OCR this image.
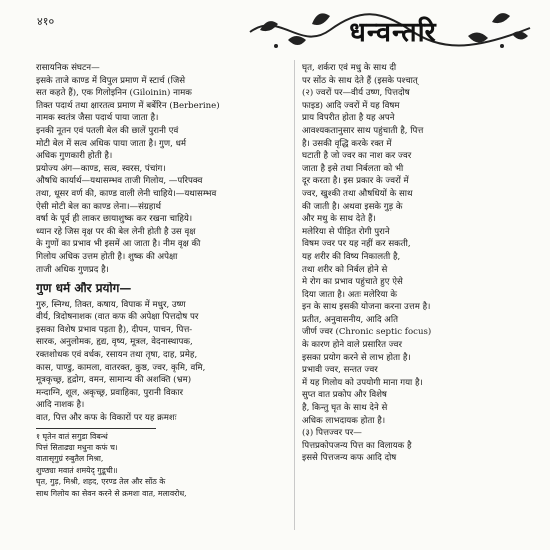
४१०	धन्वन्तरि

रासायनिक संघटन—

इसके ताजे काण्ड में विपुल प्रमाण में स्टार्च (जिसे

सत कहते हैं), एक गिलोइनिन (Giloinin) नामक

तिक्त पदार्थ तथा क्षारतत्व प्रमाण में बर्बेरिन (Berberine)

नामक स्वतंत्र जैसा पदार्थ पाया जाता है।

इनकी नूतन एवं पतली बेल की छालें पुरानी एवं

मोटी बेल में सत्व अधिक पाया जाता है। गुण, धर्म

अधिक गुणकारी होती है।

प्रयोज्य अंग—काण्ड, सत्व, स्वरस, पंचांग।

औषधि कार्यार्थ—यथासम्भव ताजी गिलोय, —परिपक्व

तथा, धूसर वर्ण की, काण्ड वाली लेनी चाहिये।—यथासम्भव

ऐसी मोटी बेल का काण्ड लेना।—संग्रहार्थ

वर्षा के पूर्व ही लाकर छायाशुष्क कर रखना चाहिये।

ध्यान रहे जिस वृक्ष पर की बेल लेनी होती है उस वृक्ष

के गुणों का प्रभाव भी इसमें आ जाता है। नीम वृक्ष की

गिलोय अधिक उत्तम होती है। शुष्क की अपेक्षा

ताजी अधिक गुणप्रद है।

गुण धर्म और प्रयोग—

गुरु, स्निग्ध, तिक्त, कषाय, विपाक में मधुर, उष्ण

वीर्य, त्रिदोषनाशक (वात कफ की अपेक्षा पित्तदोष पर

इसका विशेष प्रभाव पड़ता है), दीपन, पाचन, पित्त-

सारक, अनुलोमक, हृद्य, वृष्य, मूत्रल, वेदनास्थापक,

रक्तशोधक एवं वर्धक, रसायन तथा तृषा, दाह, प्रमेह,

कास, पाण्डु, कामला, वातरक्त, कुष्ठ, ज्वर, कृमि, वमि,

मूत्रकृच्छ्र, हृद्रोग, वमन, सामान्य की अशक्ति (भ्रम)

मन्दाग्नि, शूल, अकृच्छ्र, प्रवाहिका, पुरानी विकार

आदि नाशक है।

वात, पित्त और कफ के विकारों पर यह क्रमशः

१ घृतेन वातं सगुडा विबन्धं

पित्तं सिताढ्या मधुना कफं च।

वातासृगुग्रं रुबुतैल मिश्रा,

शुण्ठ्या मवातं शमयेद् गुडूची॥

घृत, गुड़, मिश्री, शहद, एरण्ड तेल और सोंठ के

साथ गिलोय का सेवन करने से क्रमशः वात, मलावरोध,

घृत, शर्करा एवं मधु के साथ दी

पर सोंठ के साथ देते हैं (इसके पश्चात्

(२) ज्वरों पर—वीर्य उष्ण, पित्तदोष

फाइड) आदि ज्वरों में यह विषम

प्राय विपरीत होता है यह अपने

आवश्यकतानुसार साथ पहुंचाती है, पित्त

है। उसकी वृद्धि करके रक्त में

घटाती है जो ज्वर का नाश कर ज्वर

जाता है इसे तथा निर्बलता को भी

दूर करता है। इस प्रकार के ज्वरों में

ज्वर, खुश्की तथा औषधियों के साथ

की जाती है। अथवा इसके गुड़ के

और मधु के साथ देते हैं।

मलेरिया से पीड़ित रोगी पुराने

विषम ज्वर पर यह नहीं कर सकती,

यह शरीर की विष्य निकालती है,

तथा शरीर को निर्बल होने से

मे रोग का प्रभाव पहुंचाते हुए ऐसे

दिया जाता है। अतः मलेरिया के

इन के साथ इसकी योजना करना उत्तम है।

प्रतीत, अनुवासनीय, आदि अति

जीर्ण ज्वर (Chronic septic focus)

के कारण होने वाले प्रसारित ज्वर

इसका प्रयोग करने से लाभ होता है।

प्रभावी ज्वर, सन्तत ज्वर

में यह गिलोय को उपयोगी माना गया है।

सुप्त वात प्रकोप और विशेष

है, किन्तु घृत के साथ देने से

अधिक लाभदायक होता है।

(३) पित्तज्वर पर—

पित्तप्रकोपजन्य पित्त का विलायक है

इससे पित्तजन्य कफ आदि दोष
